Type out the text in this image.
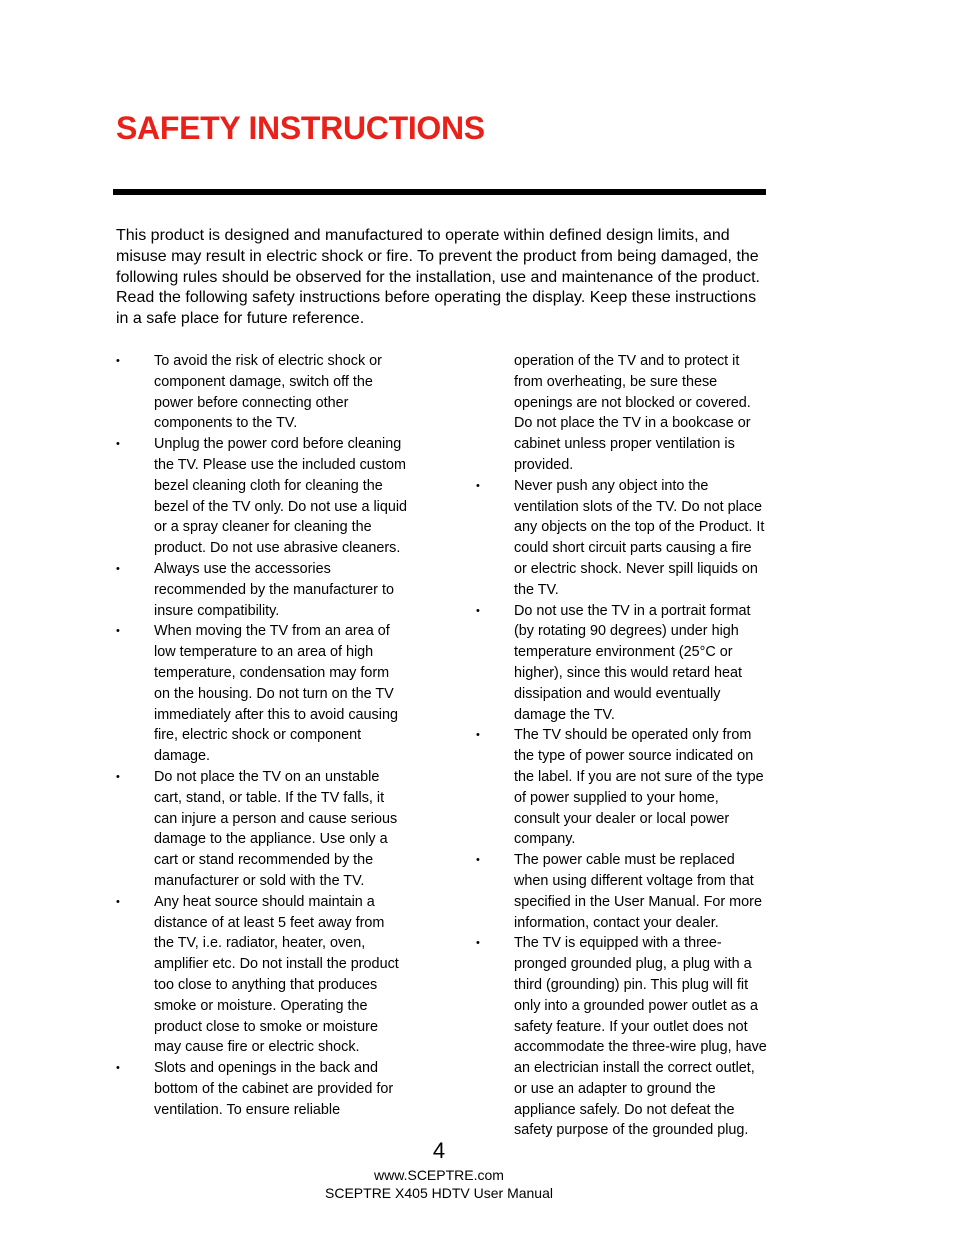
SAFETY INSTRUCTIONS

This product is designed and manufactured to operate within defined design limits, and misuse may result in electric shock or fire. To prevent the product from being damaged, the following rules should be observed for the installation, use and maintenance of the product. Read the following safety instructions before operating the display. Keep these instructions in a safe place for future reference.

•	To avoid the risk of electric shock or component damage, switch off the power before connecting other components to the TV.
•	Unplug the power cord before cleaning the TV. Please use the included custom bezel cleaning cloth for cleaning the bezel of the TV only. Do not use a liquid or a spray cleaner for cleaning the product. Do not use abrasive cleaners.
•	Always use the accessories recommended by the manufacturer to insure compatibility.
•	When moving the TV from an area of low temperature to an area of high temperature, condensation may form on the housing. Do not turn on the TV immediately after this to avoid causing fire, electric shock or component damage.
•	Do not place the TV on an unstable cart, stand, or table. If the TV falls, it can injure a person and cause serious damage to the appliance. Use only a cart or stand recommended by the manufacturer or sold with the TV.
•	Any heat source should maintain a distance of at least 5 feet away from the TV, i.e. radiator, heater, oven, amplifier etc. Do not install the product too close to anything that produces smoke or moisture. Operating the product close to smoke or moisture may cause fire or electric shock.
•	Slots and openings in the back and bottom of the cabinet are provided for ventilation. To ensure reliable
operation of the TV and to protect it from overheating, be sure these openings are not blocked or covered. Do not place the TV in a bookcase or cabinet unless proper ventilation is provided.
•	Never push any object into the ventilation slots of the TV. Do not place any objects on the top of the Product. It could short circuit parts causing a fire or electric shock. Never spill liquids on the TV.
•	Do not use the TV in a portrait format (by rotating 90 degrees) under high temperature environment (25°C or higher), since this would retard heat dissipation and would eventually damage the TV.
•	The TV should be operated only from the type of power source indicated on the label. If you are not sure of the type of power supplied to your home, consult your dealer or local power company.
•	The power cable must be replaced when using different voltage from that specified in the User Manual. For more information, contact your dealer.
•	The TV is equipped with a three-pronged grounded plug, a plug with a third (grounding) pin. This plug will fit only into a grounded power outlet as a safety feature. If your outlet does not accommodate the three-wire plug, have an electrician install the correct outlet, or use an adapter to ground the appliance safely. Do not defeat the safety purpose of the grounded plug.

4

www.SCEPTRE.com

SCEPTRE X405 HDTV User Manual
